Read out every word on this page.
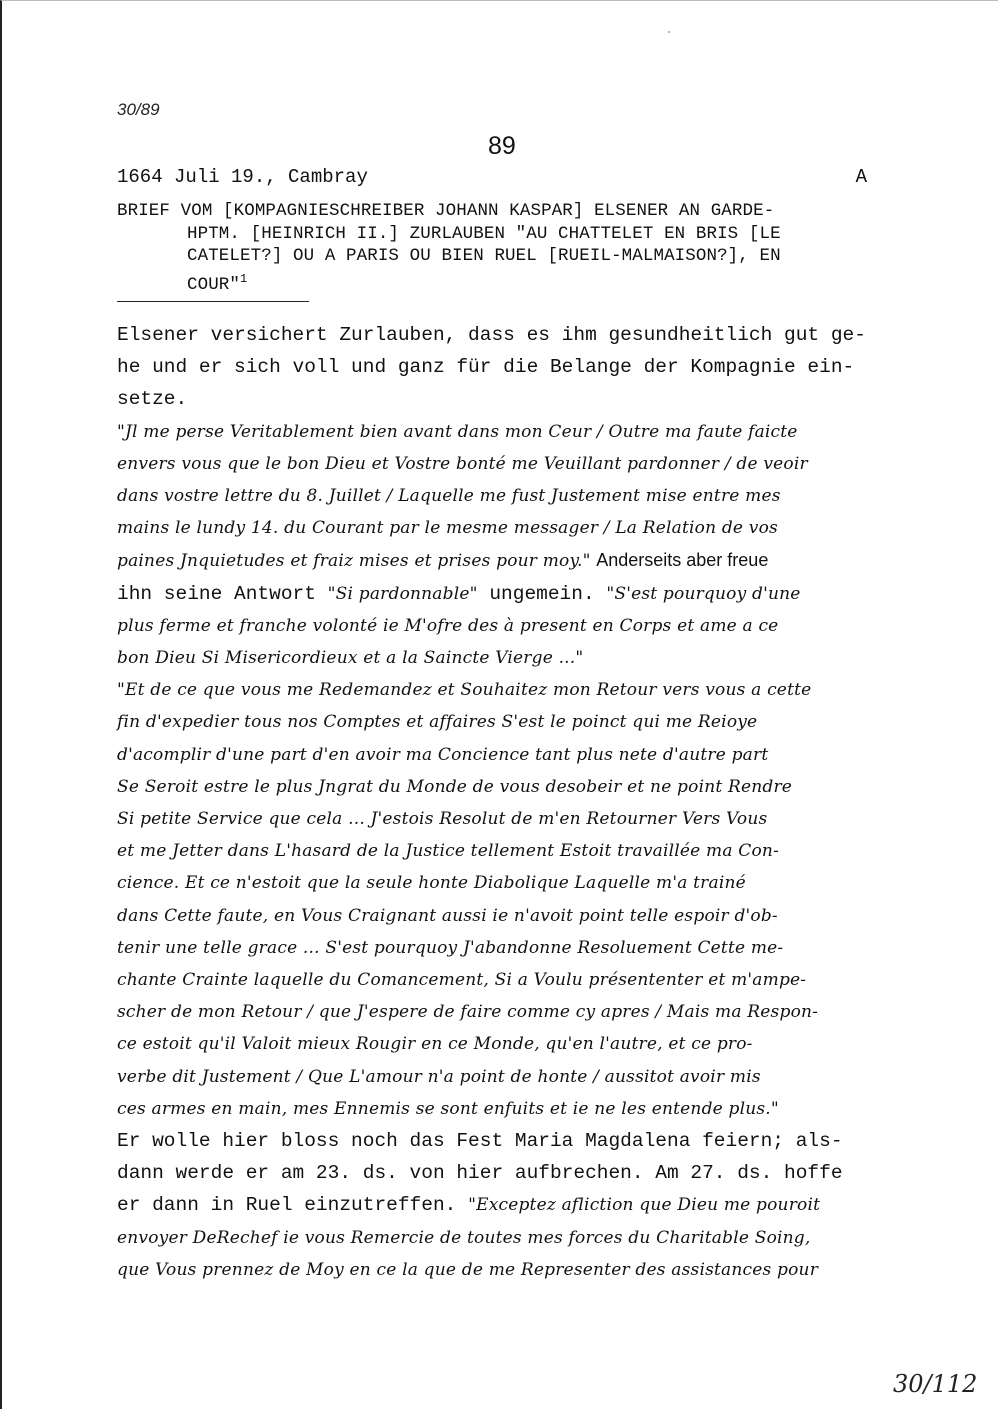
30/89
89
1664 Juli 19., Cambray	A
BRIEF VOM [KOMPAGNIESCHREIBER JOHANN KASPAR] ELSENER AN GARDE-
HPTM. [HEINRICH II.] ZURLAUBEN "AU CHATTELET EN BRIS [LE
CATELET?] OU A PARIS OU BIEN RUEL [RUEIL-MALMAISON?], EN
COUR"$^1$
Elsener versichert Zurlauben, dass es ihm gesundheitlich gut ge-
he und er sich voll und ganz für die Belange der Kompagnie ein-
setze.
"Jl me perse Veritablement bien avant dans mon Ceur / Outre ma faute faicte
envers vous que le bon Dieu et Vostre bonté me Veuillant pardonner / de veoir
dans vostre lettre du 8. Juillet / Laquelle me fust Justement mise entre mes
mains le lundy 14. du Courant par le mesme messager / La Relation de vos
paines Jnquietudes et fraiz mises et prises pour moy." Anderseits aber freue
ihn seine Antwort "Si pardonnable" ungemein. "S'est pourquoy d'une
plus ferme et franche volonté ie M'ofre des à present en Corps et ame a ce
bon Dieu Si Misericordieux et a la Saincte Vierge ..."
"Et de ce que vous me Redemandez et Souhaitez mon Retour vers vous a cette
fin d'expedier tous nos Comptes et affaires S'est le poinct qui me Reioye
d'acomplir d'une part d'en avoir ma Concience tant plus nete d'autre part
Se Seroit estre le plus Jngrat du Monde de vous desobeir et ne point Rendre
Si petite Service que cela ... J'estois Resolut de m'en Retourner Vers Vous
et me Jetter dans L'hasard de la Justice tellement Estoit travaillée ma Con-
cience. Et ce n'estoit que la seule honte Diabolique Laquelle m'a trainé
dans Cette faute, en Vous Craignant aussi ie n'avoit point telle espoir d'ob-
tenir une telle grace ... S'est pourquoy J'abandonne Resoluement Cette me-
chante Crainte laquelle du Comancement, Si a Voulu présententer et m'ampe-
scher de mon Retour / que J'espere de faire comme cy apres / Mais ma Respon-
ce estoit qu'il Valoit mieux Rougir en ce Monde, qu'en l'autre, et ce pro-
verbe dit Justement / Que L'amour n'a point de honte / aussitot avoir mis
ces armes en main, mes Ennemis se sont enfuits et ie ne les entende plus."
Er wolle hier bloss noch das Fest Maria Magdalena feiern; als-
dann werde er am 23. ds. von hier aufbrechen. Am 27. ds. hoffe
er dann in Ruel einzutreffen. "Exceptez afliction que Dieu me pouroit
envoyer DeRechef ie vous Remercie de toutes mes forces du Charitable Soing,
que Vous prennez de Moy en ce la que de me Representer des assistances pour
30/112
